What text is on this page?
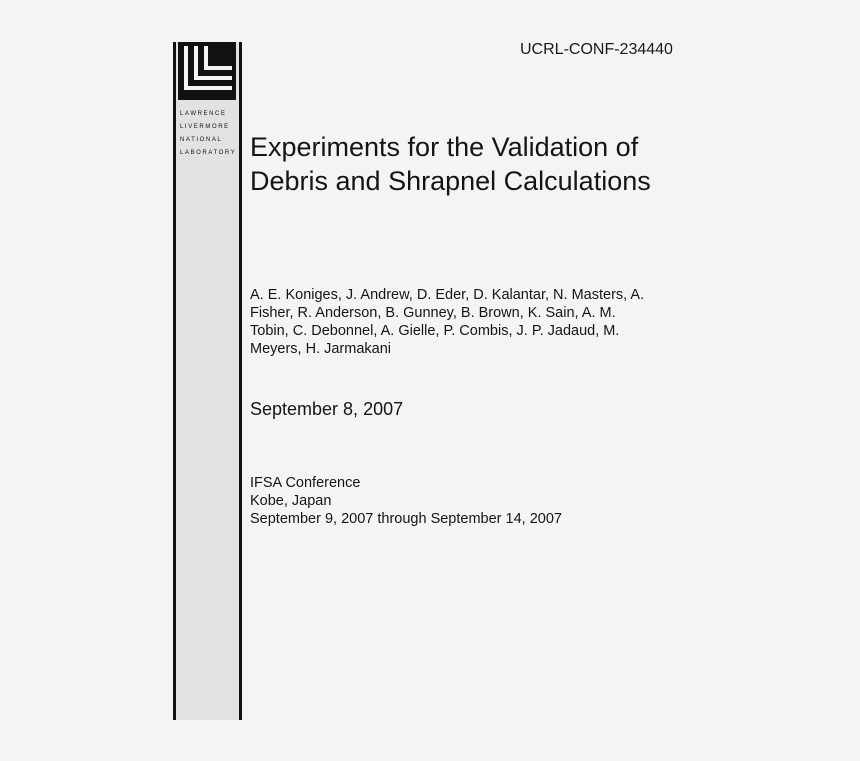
LAWRENCE
LIVERMORE
NATIONAL
LABORATORY
UCRL-CONF-234440
Experiments for the Validation of
Debris and Shrapnel Calculations
A. E. Koniges, J. Andrew, D. Eder, D. Kalantar, N. Masters, A.
Fisher, R. Anderson, B. Gunney, B. Brown, K. Sain, A. M.
Tobin, C. Debonnel, A. Gielle, P. Combis, J. P. Jadaud, M.
Meyers, H. Jarmakani
September 8, 2007
IFSA Conference
Kobe, Japan
September 9, 2007 through September 14, 2007
